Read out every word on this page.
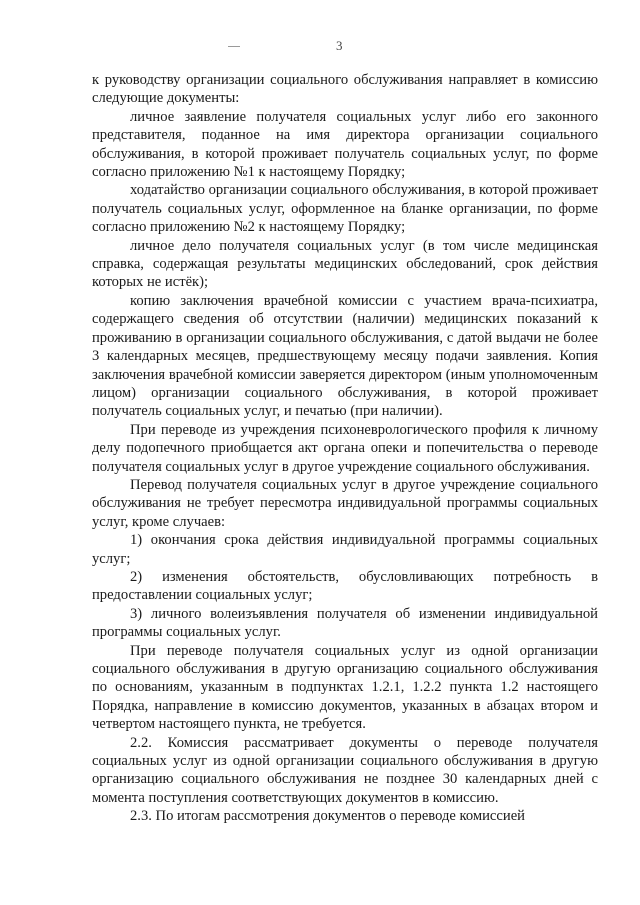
3

к руководству организации социального обслуживания направляет в комиссию следующие документы:

личное заявление получателя социальных услуг либо его законного представителя, поданное на имя директора организации социального обслуживания, в которой проживает получатель социальных услуг, по форме согласно приложению №1 к настоящему Порядку;

ходатайство организации социального обслуживания, в которой проживает получатель социальных услуг, оформленное на бланке организации, по форме согласно приложению №2 к настоящему Порядку;

личное дело получателя социальных услуг (в том числе медицинская справка, содержащая результаты медицинских обследований, срок действия которых не истёк);

копию заключения врачебной комиссии с участием врача-психиатра, содержащего сведения об отсутствии (наличии) медицинских показаний к проживанию в организации социального обслуживания, с датой выдачи не более 3 календарных месяцев, предшествующему месяцу подачи заявления. Копия заключения врачебной комиссии заверяется директором (иным уполномоченным лицом) организации социального обслуживания, в которой проживает получатель социальных услуг, и печатью (при наличии).

При переводе из учреждения психоневрологического профиля к личному делу подопечного приобщается акт органа опеки и попечительства о переводе получателя социальных услуг в другое учреждение социального обслуживания.

Перевод получателя социальных услуг в другое учреждение социального обслуживания не требует пересмотра индивидуальной программы социальных услуг, кроме случаев:

1) окончания срока действия индивидуальной программы социальных услуг;

2) изменения обстоятельств, обусловливающих потребность в предоставлении социальных услуг;

3) личного волеизъявления получателя об изменении индивидуальной программы социальных услуг.

При переводе получателя социальных услуг из одной организации социального обслуживания в другую организацию социального обслуживания по основаниям, указанным в подпунктах 1.2.1, 1.2.2 пункта 1.2 настоящего Порядка, направление в комиссию документов, указанных в абзацах втором и четвертом настоящего пункта, не требуется.

2.2. Комиссия рассматривает документы о переводе получателя социальных услуг из одной организации социального обслуживания в другую организацию социального обслуживания не позднее 30 календарных дней с момента поступления соответствующих документов в комиссию.

2.3. По итогам рассмотрения документов о переводе комиссией
